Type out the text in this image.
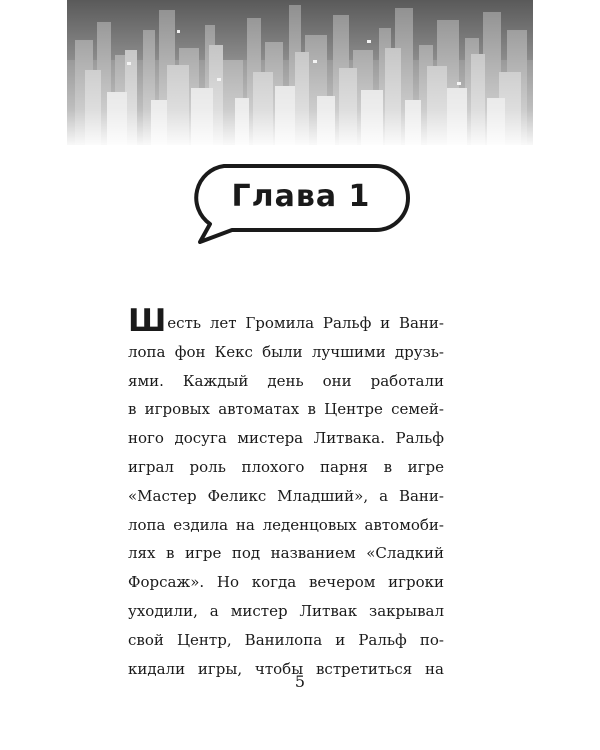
Глава 1
Шесть лет Громила Ральф и Вани-
лопа фон Кекс были лучшими друзь-
ями. Каждый день они работали
в игровых автоматах в Центре семей-
ного досуга мистера Литвака. Ральф
играл роль плохого парня в игре
«Мастер Феликс Младший», а Вани-
лопа ездила на леденцовых автомоби-
лях в игре под названием «Сладкий
Форсаж». Но когда вечером игроки
уходили, а мистер Литвак закрывал
свой Центр, Ванилопа и Ральф по-
кидали игры, чтобы встретиться на
5
